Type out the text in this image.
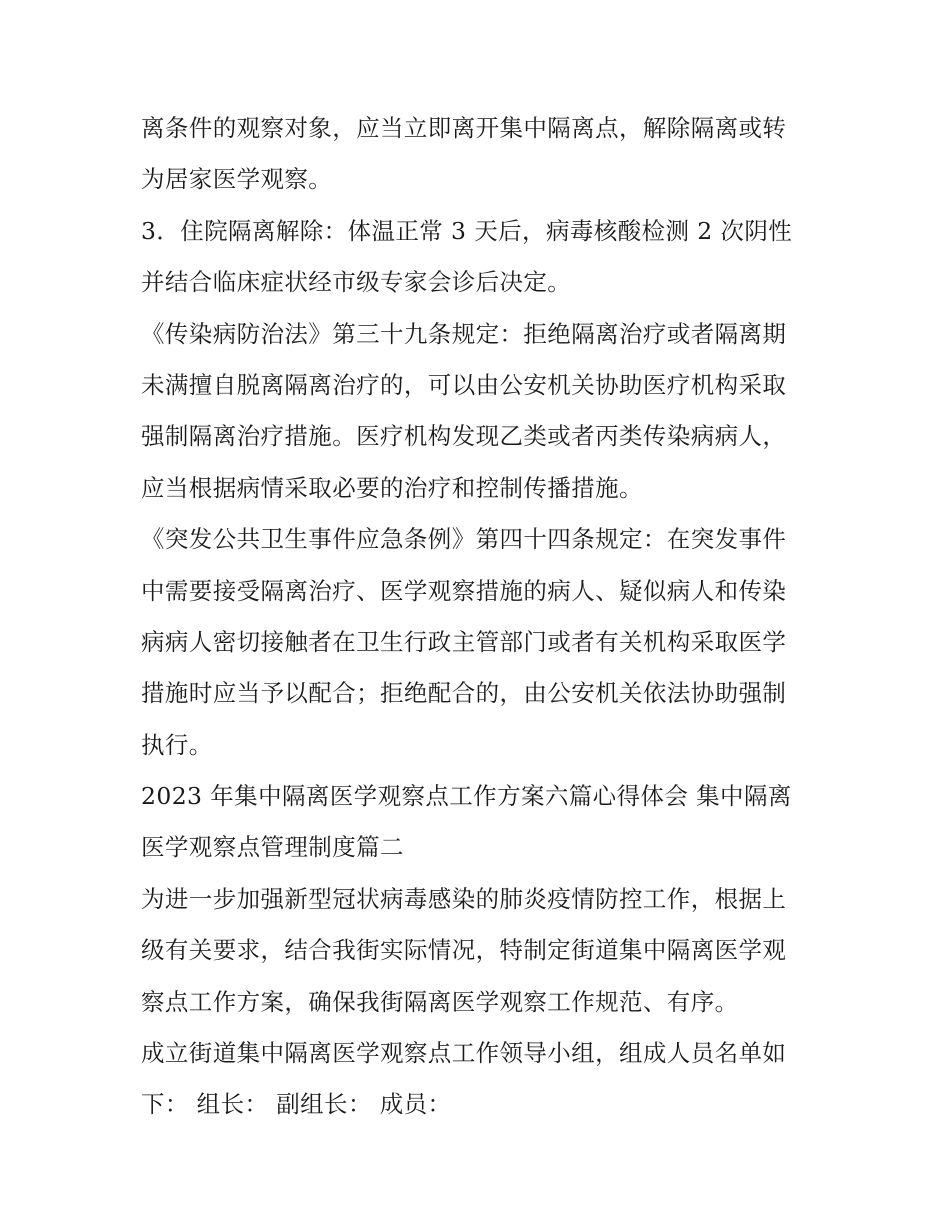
离条件的观察对象，应当立即离开集中隔离点，解除隔离或转
为居家医学观察。
3．住院隔离解除：体温正常 3 天后，病毒核酸检测 2 次阴性
并结合临床症状经市级专家会诊后决定。
《传染病防治法》第三十九条规定：拒绝隔离治疗或者隔离期
未满擅自脱离隔离治疗的，可以由公安机关协助医疗机构采取
强制隔离治疗措施。医疗机构发现乙类或者丙类传染病病人，
应当根据病情采取必要的治疗和控制传播措施。
《突发公共卫生事件应急条例》第四十四条规定：在突发事件
中需要接受隔离治疗、医学观察措施的病人、疑似病人和传染
病病人密切接触者在卫生行政主管部门或者有关机构采取医学
措施时应当予以配合；拒绝配合的，由公安机关依法协助强制
执行。
2023 年集中隔离医学观察点工作方案六篇心得体会 集中隔离
医学观察点管理制度篇二
为进一步加强新型冠状病毒感染的肺炎疫情防控工作，根据上
级有关要求，结合我街实际情况，特制定街道集中隔离医学观
察点工作方案，确保我街隔离医学观察工作规范、有序。
成立街道集中隔离医学观察点工作领导小组，组成人员名单如
下： 组长： 副组长： 成员：
